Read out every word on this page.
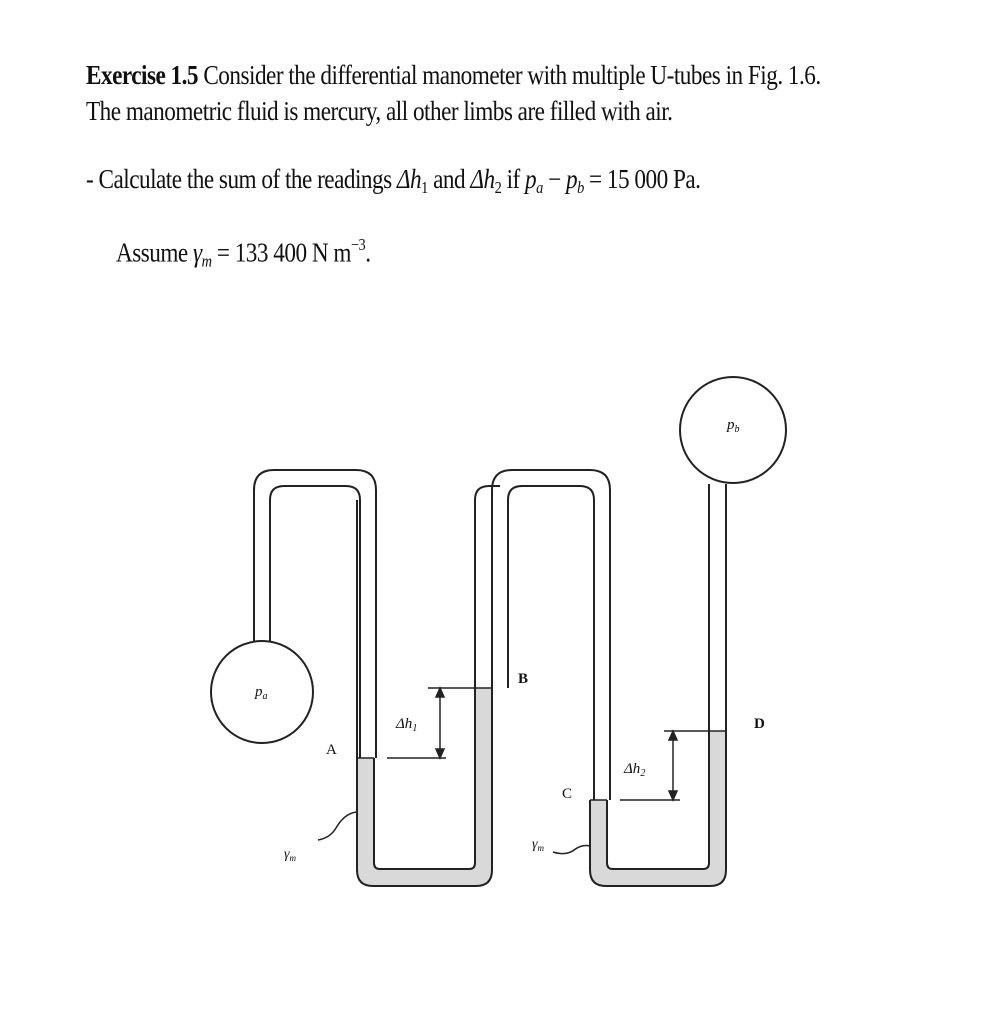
Exercise 1.5 Consider the differential manometer with multiple U-tubes in Fig. 1.6.
The manometric fluid is mercury, all other limbs are filled with air.
- Calculate the sum of the readings $\Delta h_1$ and $\Delta h_2$ if $p_a - p_b = 15$ 000 Pa.
Assume $\gamma_m = 133$ 400 N $m^{-3}$.
$p_a$
$p_b$
A
B
C
D
$\Delta h_1$
$\Delta h_2$
$\gamma_m$
$\gamma_m$
